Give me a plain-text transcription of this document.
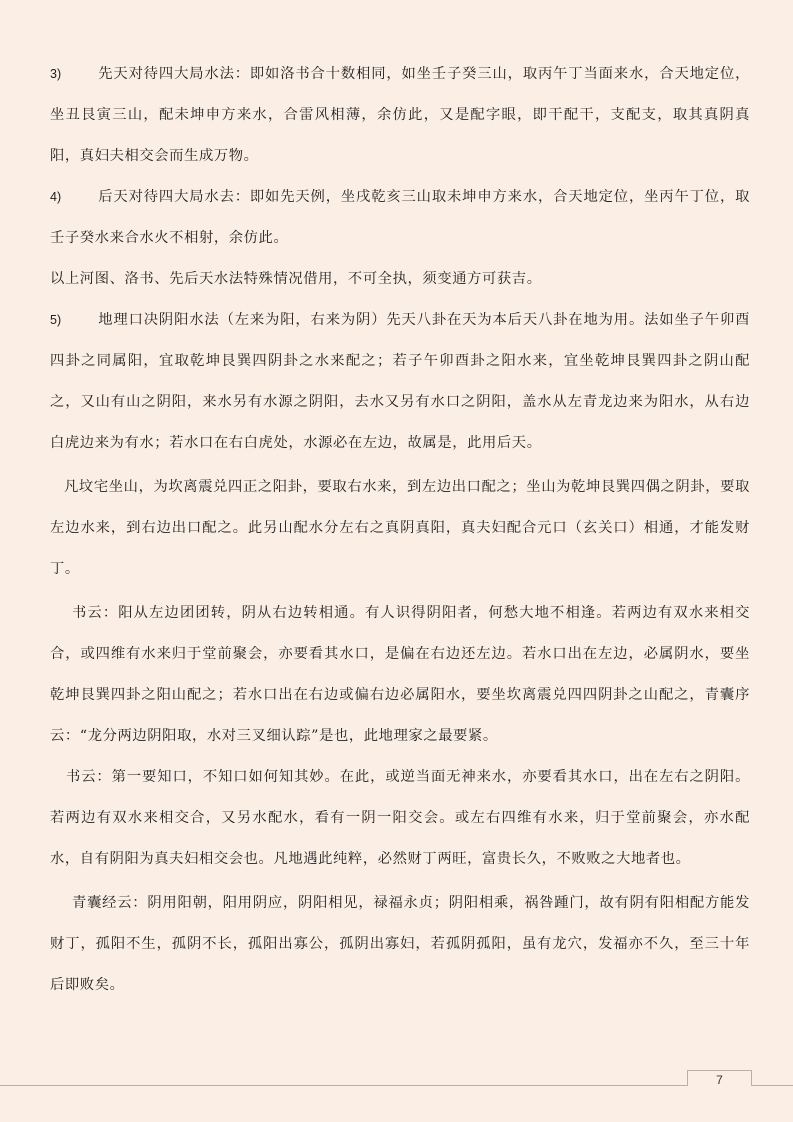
3)	先天对待四大局水法：即如洛书合十数相同，如坐壬子癸三山，取丙午丁当面来水，合天地定位，坐丑艮寅三山，配未坤申方来水，合雷风相薄，余仿此，又是配字眼，即干配干，支配支，取其真阴真阳，真妇夫相交会而生成万物。

4)	后天对待四大局水去：即如先天例，坐戌乾亥三山取未坤申方来水，合天地定位，坐丙午丁位，取壬子癸水来合水火不相射，余仿此。

以上河图、洛书、先后天水法特殊情况借用，不可全执，须变通方可获吉。

5)	地理口决阴阳水法（左来为阳，右来为阴）先天八卦在天为本后天八卦在地为用。法如坐子午卯酉四卦之同属阳，宜取乾坤艮巽四阴卦之水来配之；若子午卯酉卦之阳水来，宜坐乾坤艮巽四卦之阴山配之，又山有山之阴阳，来水另有水源之阴阳，去水又另有水口之阴阳，盖水从左青龙边来为阳水，从右边白虎边来为有水；若水口在右白虎处，水源必在左边，故属是，此用后天。

凡坟宅坐山，为坎离震兑四正之阳卦，要取右水来，到左边出口配之；坐山为乾坤艮巽四偶之阴卦，要取左边水来，到右边出口配之。此另山配水分左右之真阴真阳，真夫妇配合元口（玄关口）相通，才能发财丁。

书云：阳从左边团团转，阴从右边转相通。有人识得阴阳者，何愁大地不相逢。若两边有双水来相交合，或四维有水来归于堂前聚会，亦要看其水口，是偏在右边还左边。若水口出在左边，必属阴水，要坐乾坤艮巽四卦之阳山配之；若水口出在右边或偏右边必属阳水，要坐坎离震兑四四阴卦之山配之，青囊序云：“龙分两边阴阳取，水对三叉细认踪”是也，此地理家之最要紧。

书云：第一要知口，不知口如何知其妙。在此，或逆当面无神来水，亦要看其水口，出在左右之阴阳。若两边有双水来相交合，又另水配水，看有一阴一阳交会。或左右四维有水来，归于堂前聚会，亦水配水，自有阴阳为真夫妇相交会也。凡地遇此纯粹，必然财丁两旺，富贵长久，不败败之大地者也。

青囊经云：阴用阳朝，阳用阴应，阴阳相见，禄福永贞；阴阳相乘，祸咎踵门，故有阴有阳相配方能发财丁，孤阳不生，孤阴不长，孤阳出寡公，孤阴出寡妇，若孤阴孤阳，虽有龙穴，发福亦不久，至三十年后即败矣。

7
